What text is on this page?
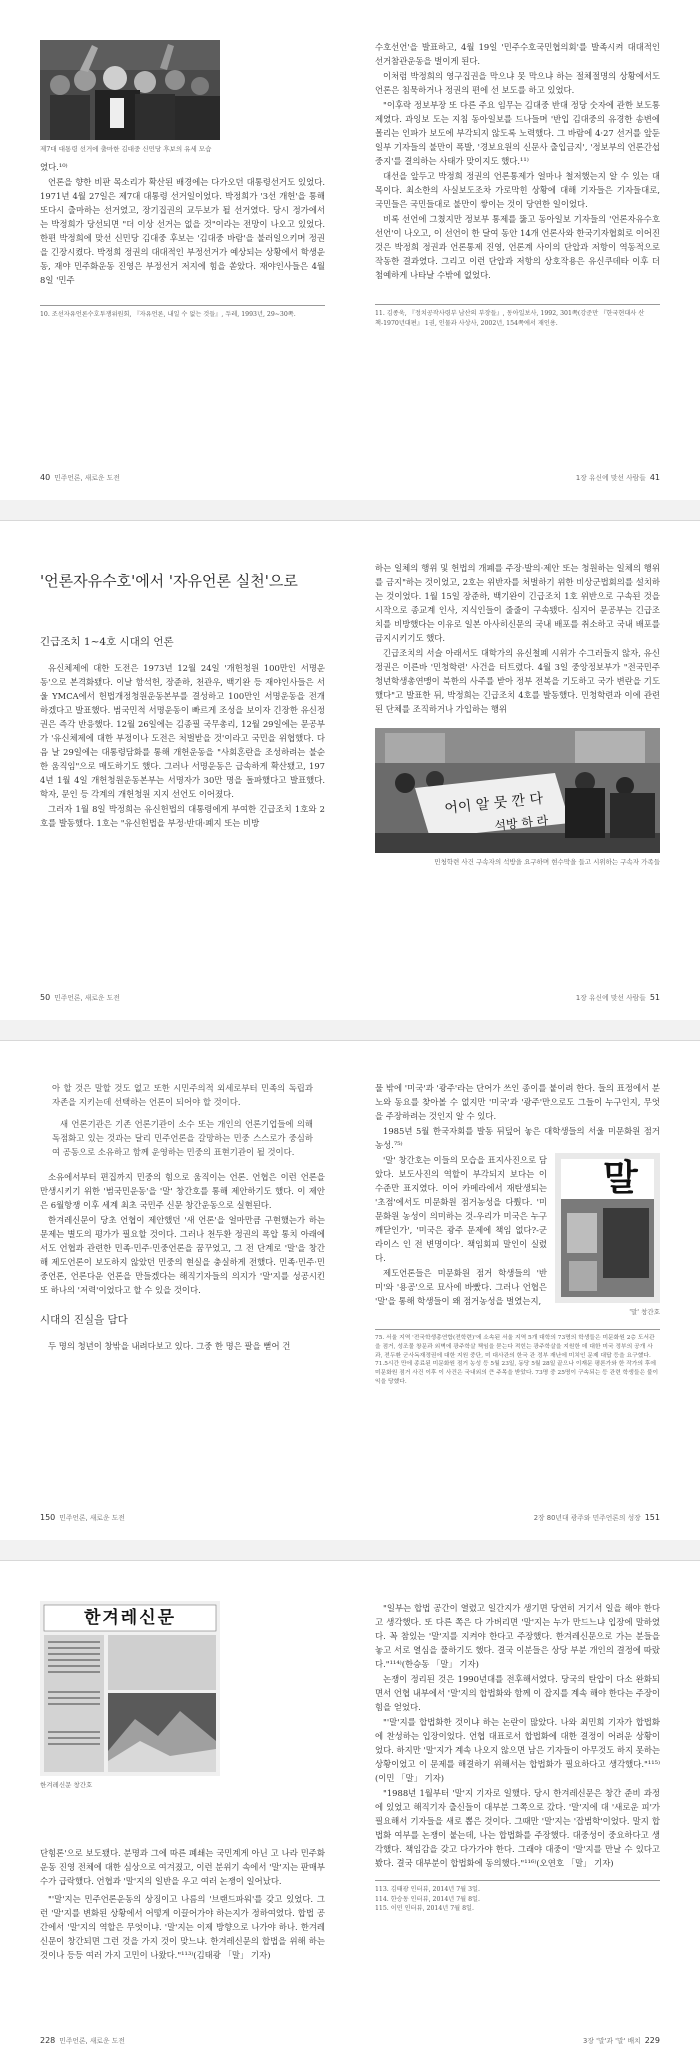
제7대 대통령 선거에 출마한 김대중 신민당 후보의 유세 모습

였다.¹⁰⁾

언론을 향한 비판 목소리가 확산된 배경에는 다가오던 대통령선거도 있었다. 1971년 4월 27일은 제7대 대통령 선거일이었다. 박정희가 '3선 개헌'을 통해 또다시 출마하는 선거였고, 장기집권의 교두보가 될 선거였다. 당시 정가에서는 박정희가 당선되면 "더 이상 선거는 없을 것"이라는 전망이 나오고 있었다. 한편 박정희에 맞선 신민당 김대중 후보는 '김대중 바람'을 불러일으키며 정권을 긴장시켰다. 박정희 정권의 대대적인 부정선거가 예상되는 상황에서 학생운동, 재야 민주화운동 진영은 부정선거 저지에 힘을 쏟았다. 재야인사들은 4월 8일 '민주

10. 조선자유언론수호투쟁위원회, 『자유언론, 내일 수 없는 것들』, 두레, 1993년, 29~30쪽.

수호선언'을 발표하고, 4월 19일 '민주수호국민협의회'를 발족시켜 대대적인 선거참관운동을 벌이게 된다.

이처럼 박정희의 영구집권을 막으냐 못 막으냐 하는 절체절명의 상황에서도 언론은 침묵하거나 정권의 편에 선 보도를 하고 있었다.

"이후락 정보부장 또 다른 주요 임무는 김대중 반대 정당 숫자에 관한 보도통제였다. 과잉보 도는 지침 동아일보를 드나들며 '반입 김대중의 유경한 송변에 몰리는 인파가 보도에 부각되지 않도록 노력했다. 그 바람에 4·27 선거를 앞둔 일부 기자들의 불만이 폭발, '경보요원의 신문사 출입금지', '정보부의 언론간섭 중지'를 결의하는 사태가 맞이지도 했다.¹¹⁾

대선을 앞두고 박정희 정권의 언론통제가 얼마나 철저했는지 알 수 있는 대목이다. 최소한의 사실보도조차 가로막힌 상황에 대해 기자들은 기자들대로, 국민들은 국민들대로 불만이 쌓이는 것이 당연한 일이었다.

비록 선언에 그쳤지만 정보부 통제를 뚫고 동아일보 기자들의 '언론자유수호선언'이 나오고, 이 선언이 한 달여 동안 14개 언론사와 한국기자협회로 이어진 것은 박정희 정권과 언론통제 진영, 언론계 사이의 단압과 저항이 역동적으로 작동한 결과였다. 그리고 이런 단압과 저항의 상호작용은 유신쿠데타 이후 더 첨예하게 나타날 수밖에 없었다.

11. 김종욱, 『정치공작사령부 남산의 부장들』, 동아일보사, 1992, 301쪽(강준만 『한국현대사 산책-1970년대편』 1권, 인물과 사상사, 2002년, 154쪽에서 재인용.
40 민주언론, 새로운 도전	1장 유신에 맞선 사람들 41
'언론자유수호'에서 '자유언론 실천'으로
긴급조치 1~4호 시대의 언론

유신체제에 대한 도전은 1973년 12월 24일 '개헌청원 100만인 서명운동'으로 본격화됐다. 이날 함석헌, 장준하, 천관우, 백기완 등 재야인사들은 서울 YMCA에서 헌법개정청원운동본부를 결성하고 100만인 서명운동을 전개하겠다고 발표했다. 범국민적 서명운동이 빠르게 조성을 보이자 긴장한 유신정권은 즉각 반응했다. 12월 26일에는 김종필 국무총리, 12월 29일에는 문공부가 '유신체제에 대한 부정이나 도전은 처벌받을 것'이라고 국민을 위협했다. 다음 날 29일에는 대통령담화를 통해 개헌운동을 "사회혼란을 조성하려는 불순한 움직임"으로 매도하기도 했다. 그러나 서명운동은 급속하게 확산됐고, 1974년 1월 4일 개헌청원운동본부는 서명자가 30만 명을 돌파했다고 발표했다. 학자, 문인 등 각계의 개헌청원 지지 선언도 이어졌다.

그러자 1월 8일 박정희는 유신헌법의 대통령에게 부여한 긴급조치 1호와 2호를 발동했다. 1호는 "유신헌법을 부정·반대·폐지 또는 비방

하는 일체의 행위 및 헌법의 개폐를 주장·발의·제안 또는 청원하는 일체의 행위를 금지"하는 것이었고, 2호는 위반자를 처벌하기 위한 비상군법회의를 설치하는 것이었다. 1월 15일 장준하, 백기완이 긴급조치 1호 위반으로 구속된 것을 시작으로 종교계 인사, 지식인들이 줄줄이 구속됐다. 심지어 문공부는 긴급조치를 비방했다는 이유로 일본 아사히신문의 국내 배포를 취소하고 국내 배포를 금지시키기도 했다.

긴급조치의 서슬 아래서도 대학가의 유신철폐 시위가 수그러들지 않자, 유신정권은 이른바 '민청학련' 사건을 터트렸다. 4월 3일 중앙정보부가 "전국민주청년학생총연맹이 북한의 사주를 받아 정부 전복을 기도하고 국가 변란을 기도했다"고 발표한 뒤, 박정희는 긴급조치 4호를 발동했다. 민청학련과 이에 관련된 단체를 조직하거나 가입하는 행위

어이 알 뭇 깐 다
석방 하 라
민청학련 사건 구속자의 석방을 요구하며 현수막을 들고 시위하는 구속자 가족들
50 민주언론, 새로운 도전	1장 유신에 맞선 사람들 51

아 할 것은 말할 것도 없고 또한 시민주의적 외세로부터 민족의 독립과 자존을 지키는데 선택하는 언론이 되어야 할 것이다.

새 언론기관은 기존 언론기관이 소수 또는 개인의 언론기업들에 의해 독점화고 있는 것과는 달리 민주언론을 갈망하는 민중 스스로가 중심하여 공동으로 소유하고 함께 운영하는 민중의 표현기관이 될 것이다.

소유에서부터 편집까지 민중의 힘으로 움직이는 언론. 언협은 이런 언론을 만생시키기 위한 '범국민운동'을 '말' 창간호를 통해 제안하기도 했다. 이 제안은 6월항쟁 이후 세계 최초 국민주 신문 창간운동으로 실현된다.

한겨레신문이 당초 언협이 제안했던 '새 언론'을 얼마만큼 구현했는가 하는 문제는 별도의 평가가 필요할 것이다. 그러나 천두환 정권의 폭압 통치 아래에서도 언협과 관련한 민족·민주·민중언론을 꿈꾸었고, 그 전 단계로 '말'을 창간해 제도언론이 보도하지 않았던 민중의 현실을 충실하게 전했다. 민족·민주·민중언론, 언론다운 언론을 만들겠다는 해직기자들의 의지가 '말'지를 성공시킨 또 하나의 '저력'이었다고 할 수 있을 것이다.

시대의 진실을 담다

두 명의 청년이 창밖을 내려다보고 있다. 그중 한 명은 팔을 뻗어 건

물 밖에 '미국'과 '광주'라는 단어가 쓰인 종이를 붙이려 한다. 들의 표정에서 분노와 동요를 찾아볼 수 없지만 '미국'과 '광주'만으로도 그들이 누구인지, 무엇을 주장하려는 것인지 알 수 있다.

1985년 5월 한국자회를 발동 뒤덮어 놓은 대학생들의 서울 미문화원 점거농성.⁷⁵⁾

말
'말' 창간호

'말' 창간호는 이들의 모습을 표지사진으로 담았다. 보도사진의 역할이 부각되지 보다는 이 수준만 표지였다. 이어 카메라에서 재탄생되는 '초점'에서도 미문화원 점거농성을 다뤘다. '미 문화원 농성이 의미하는 것-우리가 미국은 누구 깨닫인가', '미국은 광주 문제에 책임 없다?-군라이스 인 전 변명이다'. 책임회피 말인이 실렸다.

제도언론들은 미문화원 점거 학생들의 '반미'와 '용공'으로 묘사에 바빴다. 그러나 언협은 '말'을 통해 학생들이 왜 점거농성을 벌였는지,

75. 서울 지역 '전국학생총연합(전학련)'에 소속된 서울 지역 5개 대학의 73명의 학생들은 미문화원 2층 도서관을 점거, 성조물 창문과 외벽에 광주학살 책임을 묻는다 적힌는 광주학살을 지원한 데 대한 미국 정부의 공개 사과, 전두환 군사독재정권에 대한 지원 중단, 미 대사관의 한국 관 정부 재난에 미치인 문제 대답 등을 요구했다. 71.5시간 만에 종료된 미문화원 점거 농성 등 5월 23일, 동당 5월 28일 끝으나 이재문 평론가와 한 작가의 후에 미문화원 점거 사건 이후 이 사건은 국내외의 큰 주목을 받았다. 73명 중 25명이 구속되는 등 관련 학생들은 불이익을 당했다.
150 민주언론, 새로운 도전	2장 80년대 광주와 민주언론의 성장 151
한겨레신문
한겨레신문 창간호

단힘론'으로 보도됐다. 분명과 그에 따른 폐쇄는 국민계게 아닌 고 나라 민주화운동 진영 전체에 대한 심상으로 여겨졌고, 이런 분위기 속에서 '말'지는 판매부수가 급락했다. 언협과 '말'지의 일반을 우고 여러 논쟁이 일어났다.

"'말'지는 민주언론운동의 상징이고 나름의 '브랜드파워'를 갖고 있었다. 그런 '말'지를 변화된 상황에서 어떻게 이끌어가야 하는지가 정하여였다. 합법 공간에서 '말'지의 역할은 무엇이냐. '말'지는 이제 방향으로 나가야 하나. 한겨레신문이 창간되면 그런 것을 가지 것이 맞느냐. 한겨레신문의 합법을 위해 하는 것이나 등등 여러 가지 고민이 나왔다."¹¹³⁾(김태광 「말」 기자)

"일부는 합법 공간이 열렸고 일간지가 생기면 당연히 거기서 일을 해야 한다고 생각했다. 또 다른 쪽은 다 가버리면 '말'지는 누가 만드느냐 입장에 말하였다. 꼭 참있는 '말'지를 지켜야 한다고 주장했다. 한겨레신문으로 가는 분들을 놓고 서로 열심을 풀하기도 했다. 결국 이분들은 상당 부분 개인의 결정에 따랐다."¹¹⁴⁾(한승동 「말」 기자)

논쟁이 정리된 것은 1990년대를 전후해서였다. 당국의 탄압이 다소 완화되면서 언협 내부에서 '말'지의 합법화와 함께 이 잡지를 계속 해야 한다는 주장이 힘을 얻었다.

"'말'지를 합법화한 것이냐 하는 논란이 많았다. 나와 최민희 기자가 합법화에 찬성하는 입장이었다. 언협 대표로서 합법화에 대한 결정이 어려운 상황이었다. 하지만 '말'지가 계속 나오지 않으면 남은 기자들이 아무것도 하지 못하는 상황이었고 이 문제를 해결하기 위해서는 합법화가 필요하다고 생각했다."¹¹⁵⁾(이민 「말」 기자)

"1988년 1월부터 '말'지 기자로 일했다. 당시 한겨레신문은 창간 준비 과정에 있었고 해직기자 출신들이 대부분 그쪽으로 갔다. '말'지에 대 '새로운 피'가 필요해서 기자들을 새로 뽑은 것이다. 그때만 '말'지는 '잡범학'이었다. 말지 합법화 여부를 논쟁이 붙는데, 나는 합법화를 주장했다. 대중성이 중요하다고 생각했다. 책임감을 갖고 다가가야 한다. 그래야 대중이 '말'지를 만날 수 있다고 봤다. 결국 대부분이 합법화에 동의했다."¹¹⁶⁾(오연호 「말」 기자)

113. 김태광 인터뷰, 2014년 7월 3일.
114. 한승동 인터뷰, 2014년 7월 8일.
115. 이민 인터뷰, 2014년 7월 8일.
228 민주언론, 새로운 도전	3장 '말'과 '말' 배치 229
